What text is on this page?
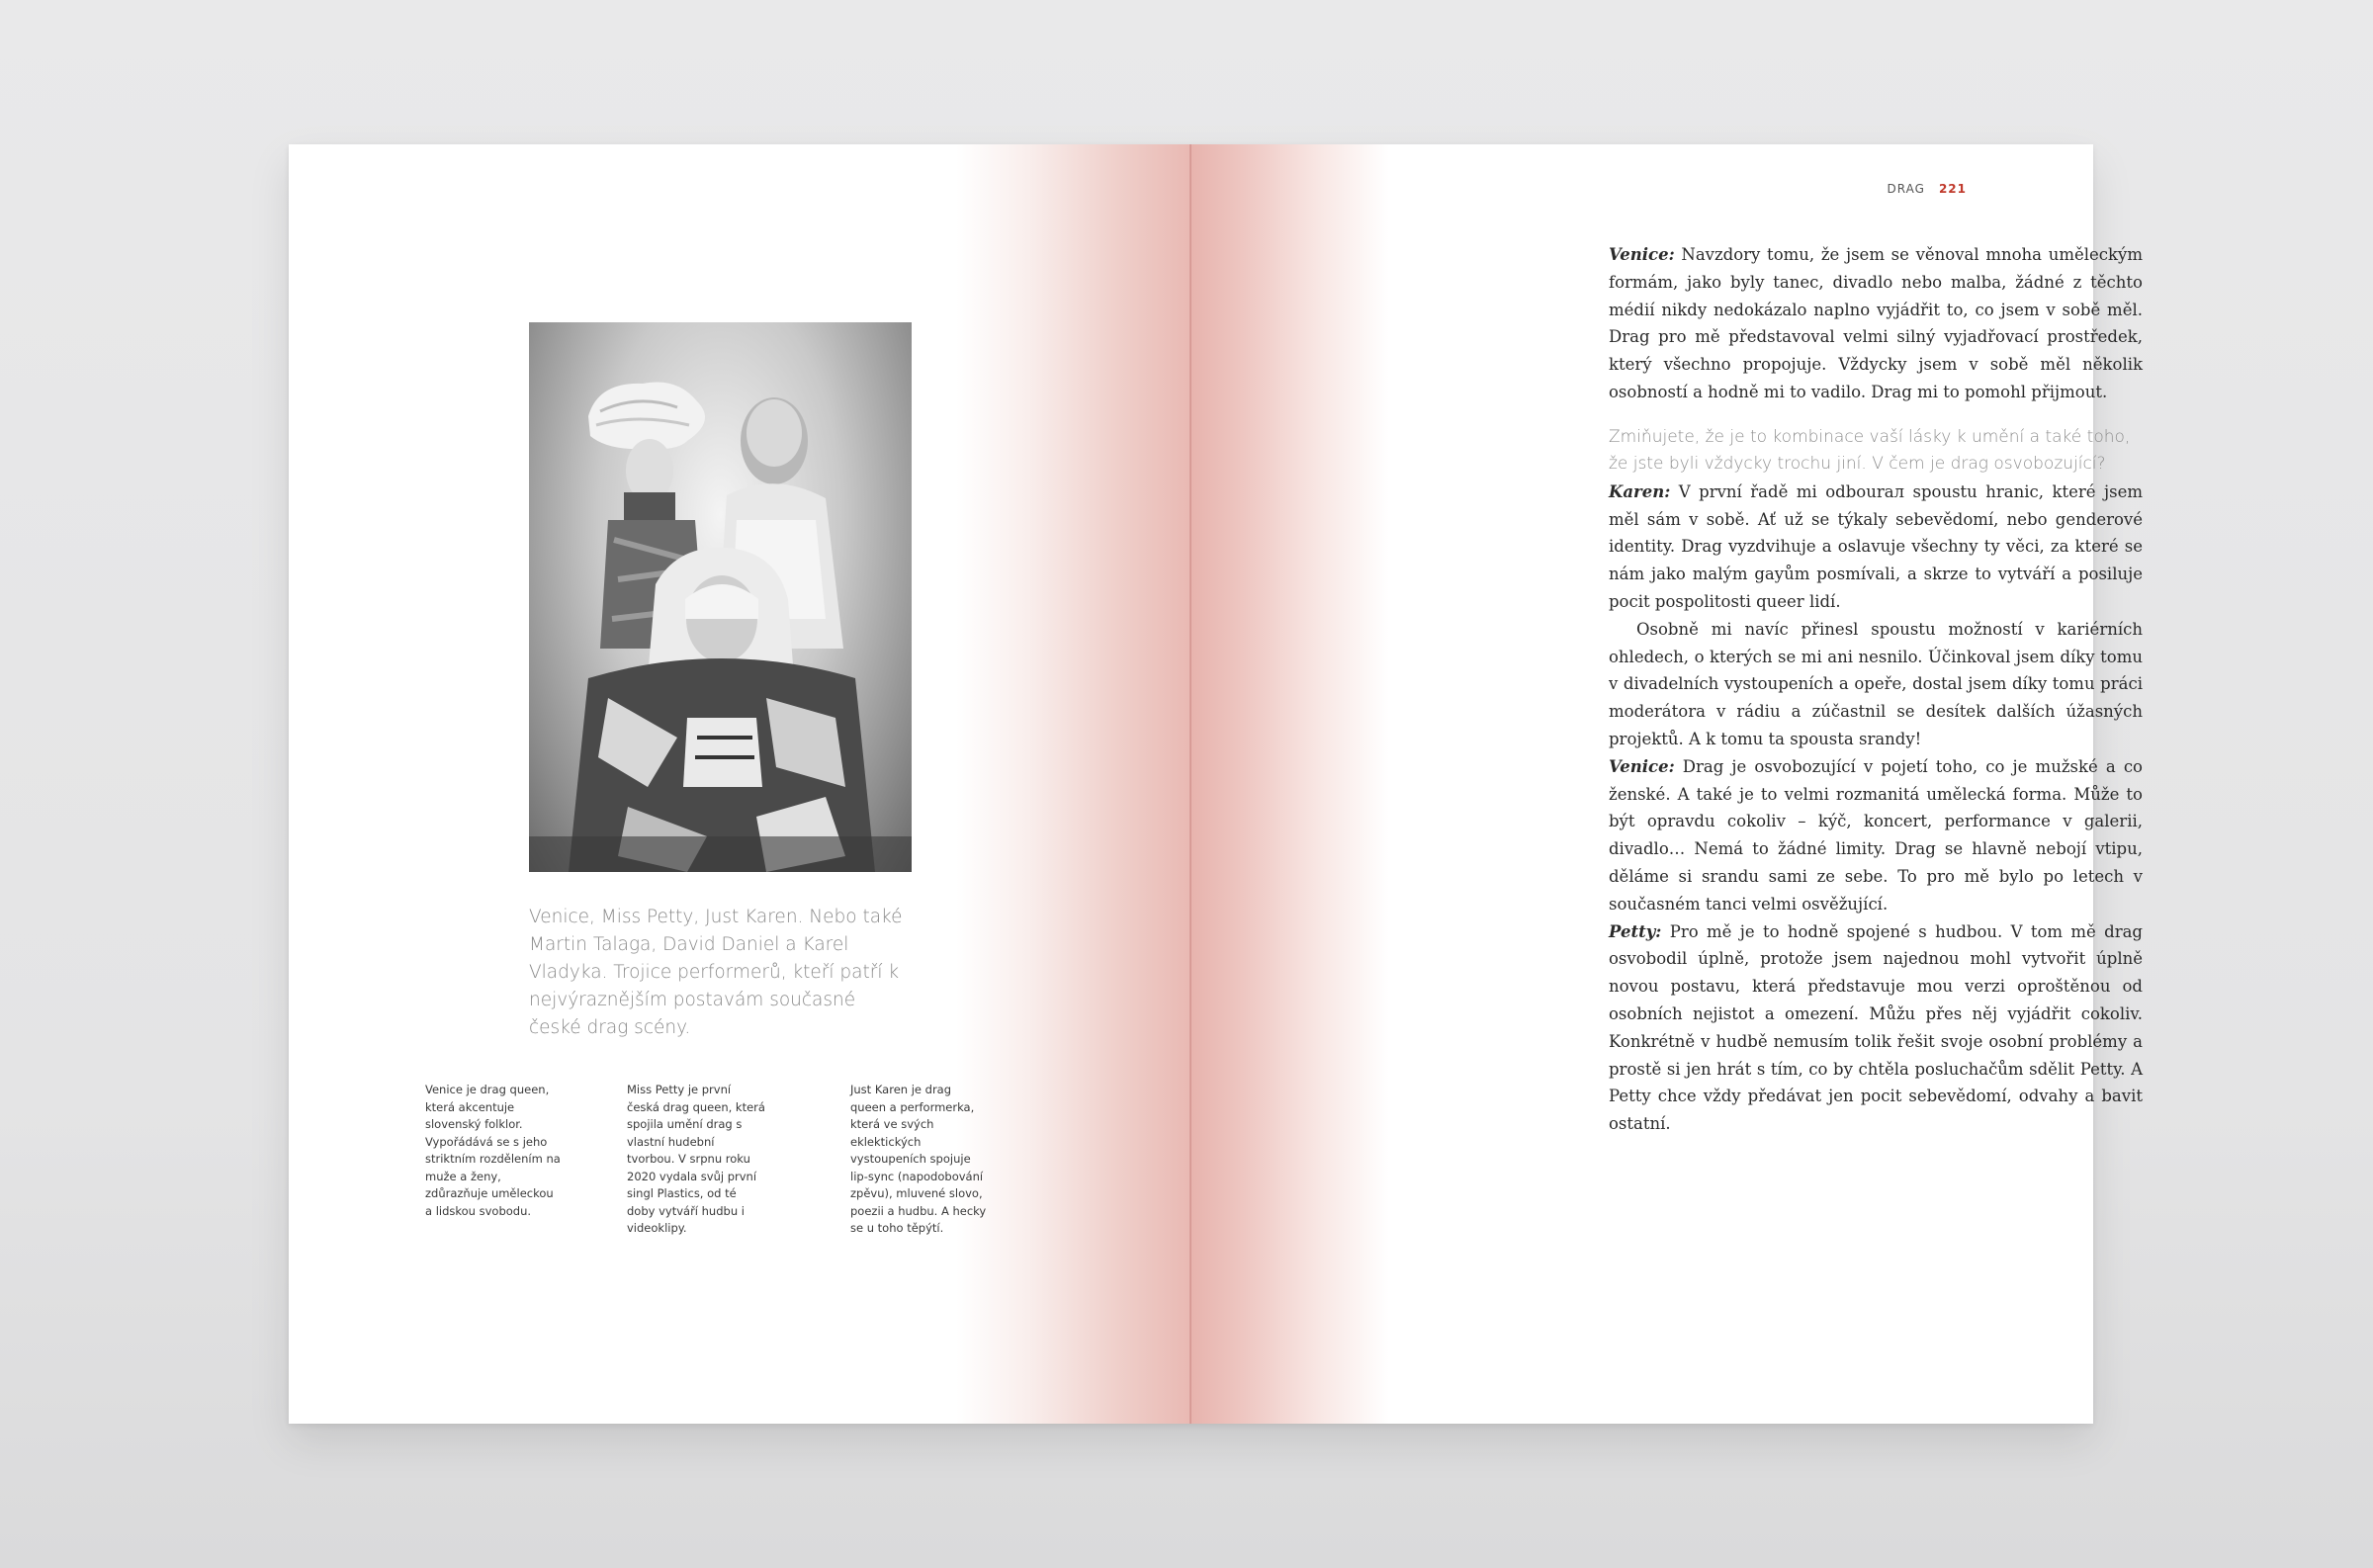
Venice, Miss Petty, Just Karen. Nebo také Martin Talaga, David Daniel a Karel Vladyka. Trojice performerů, kteří patří k nejvýraznějším postavám současné české drag scény.
Venice je drag queen, která akcentuje slovenský folklor. Vypořádává se s jeho striktním rozdělením na muže a ženy, zdůrazňuje uměleckou a lidskou svobodu.
Miss Petty je první česká drag queen, která spojila umění drag s vlastní hudební tvorbou. V srpnu roku 2020 vydala svůj první singl Plastics, od té doby vytváří hudbu i videoklipy.
Just Karen je drag queen a performerka, která ve svých eklektických vystoupeních spojuje lip-sync (napodobování zpěvu), mluvené slovo, poezii a hudbu. A hecky se u toho těpýtí.
DRAG 221

Venice: Navzdory tomu, že jsem se věnoval mnoha uměleckým formám, jako byly tanec, divadlo nebo malba, žádné z těchto médií nikdy nedokázalo naplno vyjádřit to, co jsem v sobě měl. Drag pro mě představoval velmi silný vyjadřovací prostředek, který všechno propojuje. Vždycky jsem v sobě měl několik osobností a hodně mi to vadilo. Drag mi to pomohl přijmout.

Zmiňujete, že je to kombinace vaší lásky k umění a také toho, že jste byli vždycky trochu jiní. V čem je drag osvobozující?

Karen: V první řadě mi odbourал spoustu hranic, které jsem měl sám v sobě. Ať už se týkaly sebevědomí, nebo genderové identity. Drag vyzdvihuje a oslavuje všechny ty věci, za které se nám jako malým gayům posmívali, a skrze to vytváří a posiluje pocit pospolitosti queer lidí.

Osobně mi navíc přinesl spoustu možností v kariérních ohledech, o kterých se mi ani nesnilo. Účinkoval jsem díky tomu v divadelních vystoupeních a opeře, dostal jsem díky tomu práci moderátora v rádiu a zúčastnil se desítek dalších úžasných projektů. A k tomu ta spousta srandy!

Venice: Drag je osvobozující v pojetí toho, co je mužské a co ženské. A také je to velmi rozmanitá umělecká forma. Může to být opravdu cokoliv – kýč, koncert, performance v galerii, divadlo… Nemá to žádné limity. Drag se hlavně nebojí vtipu, děláme si srandu sami ze sebe. To pro mě bylo po letech v současném tanci velmi osvěžující.

Petty: Pro mě je to hodně spojené s hudbou. V tom mě drag osvobodil úplně, protože jsem najednou mohl vytvořit úplně novou postavu, která představuje mou verzi oproštěnou od osobních nejistot a omezení. Můžu přes něj vyjádřit cokoliv. Konkrétně v hudbě nemusím tolik řešit svoje osobní problémy a prostě si jen hrát s tím, co by chtěla posluchačům sdělit Petty. A Petty chce vždy předávat jen pocit sebevědomí, odvahy a bavit ostatní.
